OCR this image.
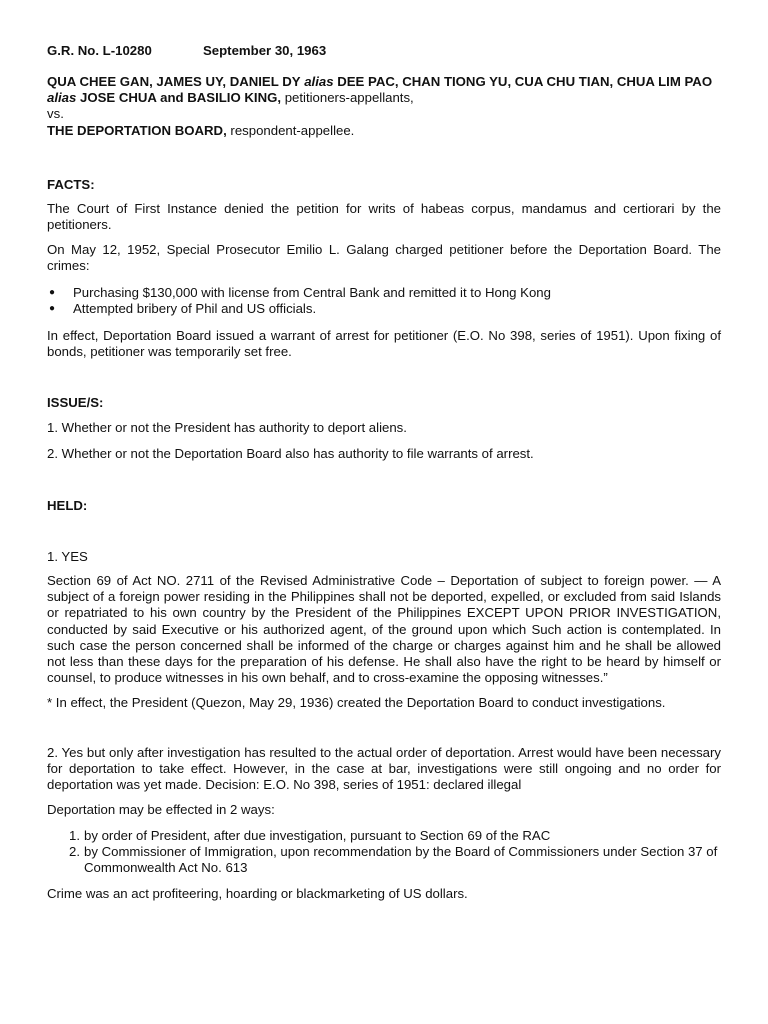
G.R. No. L-10280	September 30, 1963
QUA CHEE GAN, JAMES UY, DANIEL DY alias DEE PAC, CHAN TIONG YU, CUA CHU TIAN, CHUA LIM PAO alias JOSE CHUA and BASILIO KING, petitioners-appellants,
vs.
THE DEPORTATION BOARD, respondent-appellee.
FACTS:
The Court of First Instance denied the petition for writs of habeas corpus, mandamus and certiorari by the petitioners.
On May 12, 1952, Special Prosecutor Emilio L. Galang charged petitioner before the Deportation Board. The crimes:
● Purchasing $130,000 with license from Central Bank and remitted it to Hong Kong
● Attempted bribery of Phil and US officials.
In effect, Deportation Board issued a warrant of arrest for petitioner (E.O. No 398, series of 1951). Upon fixing of bonds, petitioner was temporarily set free.
ISSUE/S:
1. Whether or not the President has authority to deport aliens.
2. Whether or not the Deportation Board also has authority to file warrants of arrest.
HELD:
1. YES
Section 69 of Act NO. 2711 of the Revised Administrative Code – Deportation of subject to foreign power. — A subject of a foreign power residing in the Philippines shall not be deported, expelled, or excluded from said Islands or repatriated to his own country by the President of the Philippines EXCEPT UPON PRIOR INVESTIGATION, conducted by said Executive or his authorized agent, of the ground upon which Such action is contemplated. In such case the person concerned shall be informed of the charge or charges against him and he shall be allowed not less than these days for the preparation of his defense. He shall also have the right to be heard by himself or counsel, to produce witnesses in his own behalf, and to cross-examine the opposing witnesses.”
* In effect, the President (Quezon, May 29, 1936) created the Deportation Board to conduct investigations.
2. Yes but only after investigation has resulted to the actual order of deportation. Arrest would have been necessary for deportation to take effect. However, in the case at bar, investigations were still ongoing and no order for deportation was yet made. Decision: E.O. No 398, series of 1951: declared illegal
Deportation may be effected in 2 ways:
1. by order of President, after due investigation, pursuant to Section 69 of the RAC
2. by Commissioner of Immigration, upon recommendation by the Board of Commissioners under Section 37 of Commonwealth Act No. 613
Crime was an act profiteering, hoarding or blackmarketing of US dollars.
